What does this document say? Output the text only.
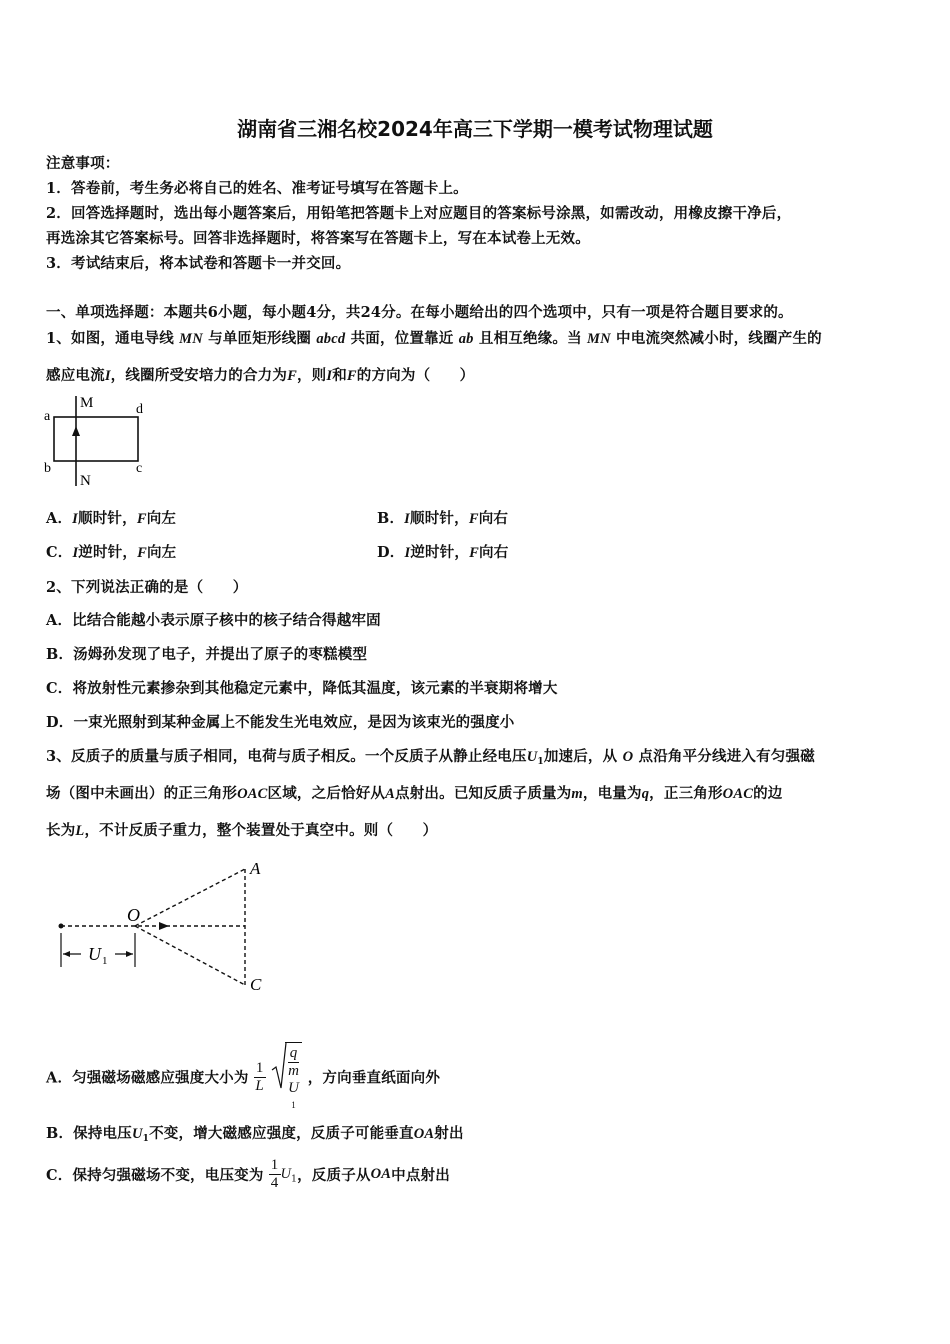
湖南省三湘名校2024年高三下学期一模考试物理试题
注意事项：
1．答卷前，考生务必将自己的姓名、准考证号填写在答题卡上。
2．回答选择题时，选出每小题答案后，用铅笔把答题卡上对应题目的答案标号涂黑，如需改动，用橡皮擦干净后，
再选涂其它答案标号。回答非选择题时，将答案写在答题卡上，写在本试卷上无效。
3．考试结束后，将本试卷和答题卡一并交回。
一、单项选择题：本题共6小题，每小题4分，共24分。在每小题给出的四个选项中，只有一项是符合题目要求的。
1、如图，通电导线 MN 与单匝矩形线圈 abcd 共面，位置靠近 ab 且相互绝缘。当 MN 中电流突然减小时，线圈产生的
感应电流I，线圈所受安培力的合力为F，则I和F的方向为（　　）
a
b
d
c
M
N
A．I顺时针，F向左	B．I顺时针，F向右
C．I逆时针，F向左	D．I逆时针，F向右
2、下列说法正确的是（　　）
A．比结合能越小表示原子核中的核子结合得越牢固
B．汤姆孙发现了电子，并提出了原子的枣糕模型
C．将放射性元素掺杂到其他稳定元素中，降低其温度，该元素的半衰期将增大
D．一束光照射到某种金属上不能发生光电效应，是因为该束光的强度小
3、反质子的质量与质子相同，电荷与质子相反。一个反质子从静止经电压$U_1$加速后，从 O 点沿角平分线进入有匀强磁
场（图中未画出）的正三角形OAC区域，之后恰好从A点射出。已知反质子质量为m，电量为q，正三角形OAC的边
长为L，不计反质子重力，整个装置处于真空中。则（　　）
U 1
O
A
C
A．匀强磁场磁感应强度大小为 $\frac{1}{L}$
q
m
U
1 ，方向垂直纸面向外
B．保持电压$U_1$不变，增大磁感应强度，反质子可能垂直OA射出
C．保持匀强磁场不变，电压变为 $\frac{1}{4} U_1$，反质子从OA中点射出
